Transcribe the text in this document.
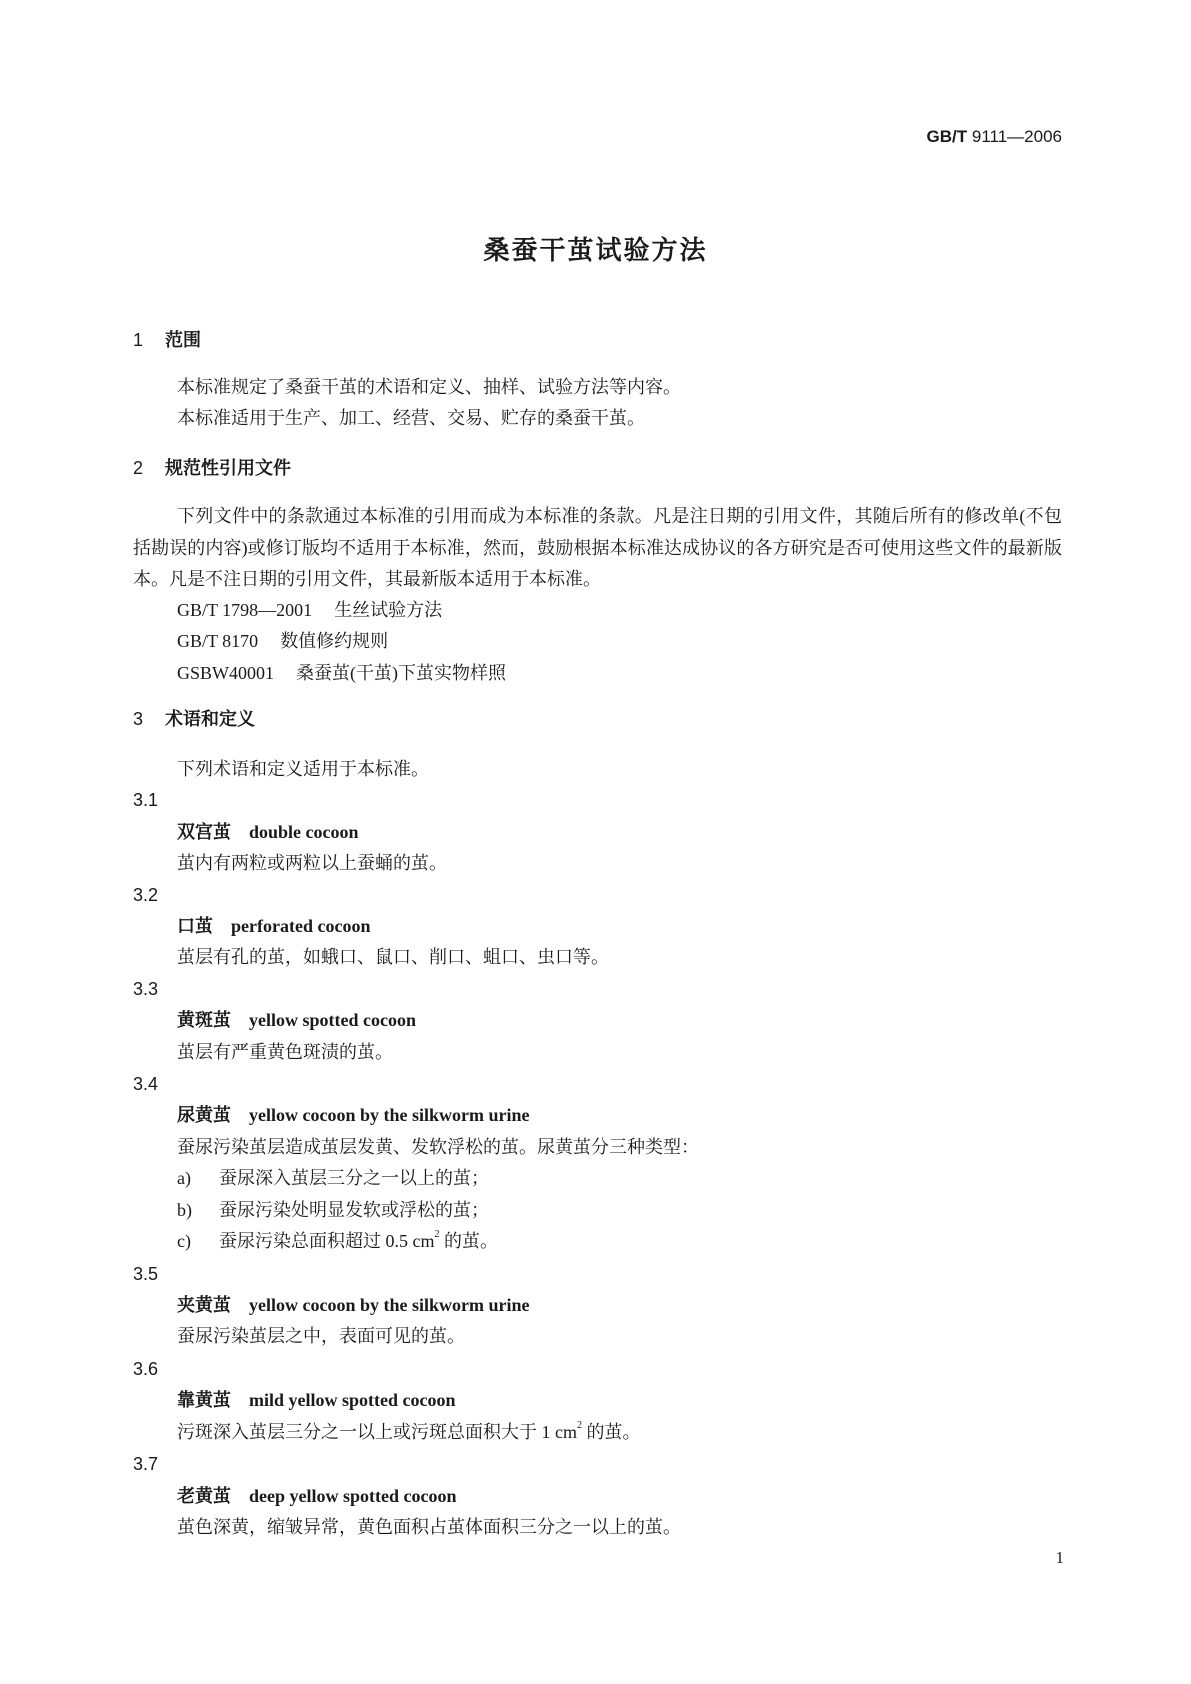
GB/T 9111—2006
桑蚕干茧试验方法
1 范围
本标准规定了桑蚕干茧的术语和定义、抽样、试验方法等内容。
本标准适用于生产、加工、经营、交易、贮存的桑蚕干茧。
2 规范性引用文件
下列文件中的条款通过本标准的引用而成为本标准的条款。凡是注日期的引用文件，其随后所有的修改单(不包括勘误的内容)或修订版均不适用于本标准，然而，鼓励根据本标准达成协议的各方研究是否可使用这些文件的最新版本。凡是不注日期的引用文件，其最新版本适用于本标准。
GB/T 1798—2001 生丝试验方法
GB/T 8170 数值修约规则
GSBW40001 桑蚕茧(干茧)下茧实物样照
3 术语和定义
下列术语和定义适用于本标准。
3.1
双宫茧 double cocoon
茧内有两粒或两粒以上蚕蛹的茧。
3.2
口茧 perforated cocoon
茧层有孔的茧，如蛾口、鼠口、削口、蛆口、虫口等。
3.3
黄斑茧 yellow spotted cocoon
茧层有严重黄色斑渍的茧。
3.4
尿黄茧 yellow cocoon by the silkworm urine
蚕尿污染茧层造成茧层发黄、发软浮松的茧。尿黄茧分三种类型：
a) 蚕尿深入茧层三分之一以上的茧；
b) 蚕尿污染处明显发软或浮松的茧；
c) 蚕尿污染总面积超过 0.5 $cm^2$ 的茧。
3.5
夹黄茧 yellow cocoon by the silkworm urine
蚕尿污染茧层之中，表面可见的茧。
3.6
靠黄茧 mild yellow spotted cocoon
污斑深入茧层三分之一以上或污斑总面积大于 1 $cm^2$ 的茧。
3.7
老黄茧 deep yellow spotted cocoon
茧色深黄，缩皱异常，黄色面积占茧体面积三分之一以上的茧。
1
